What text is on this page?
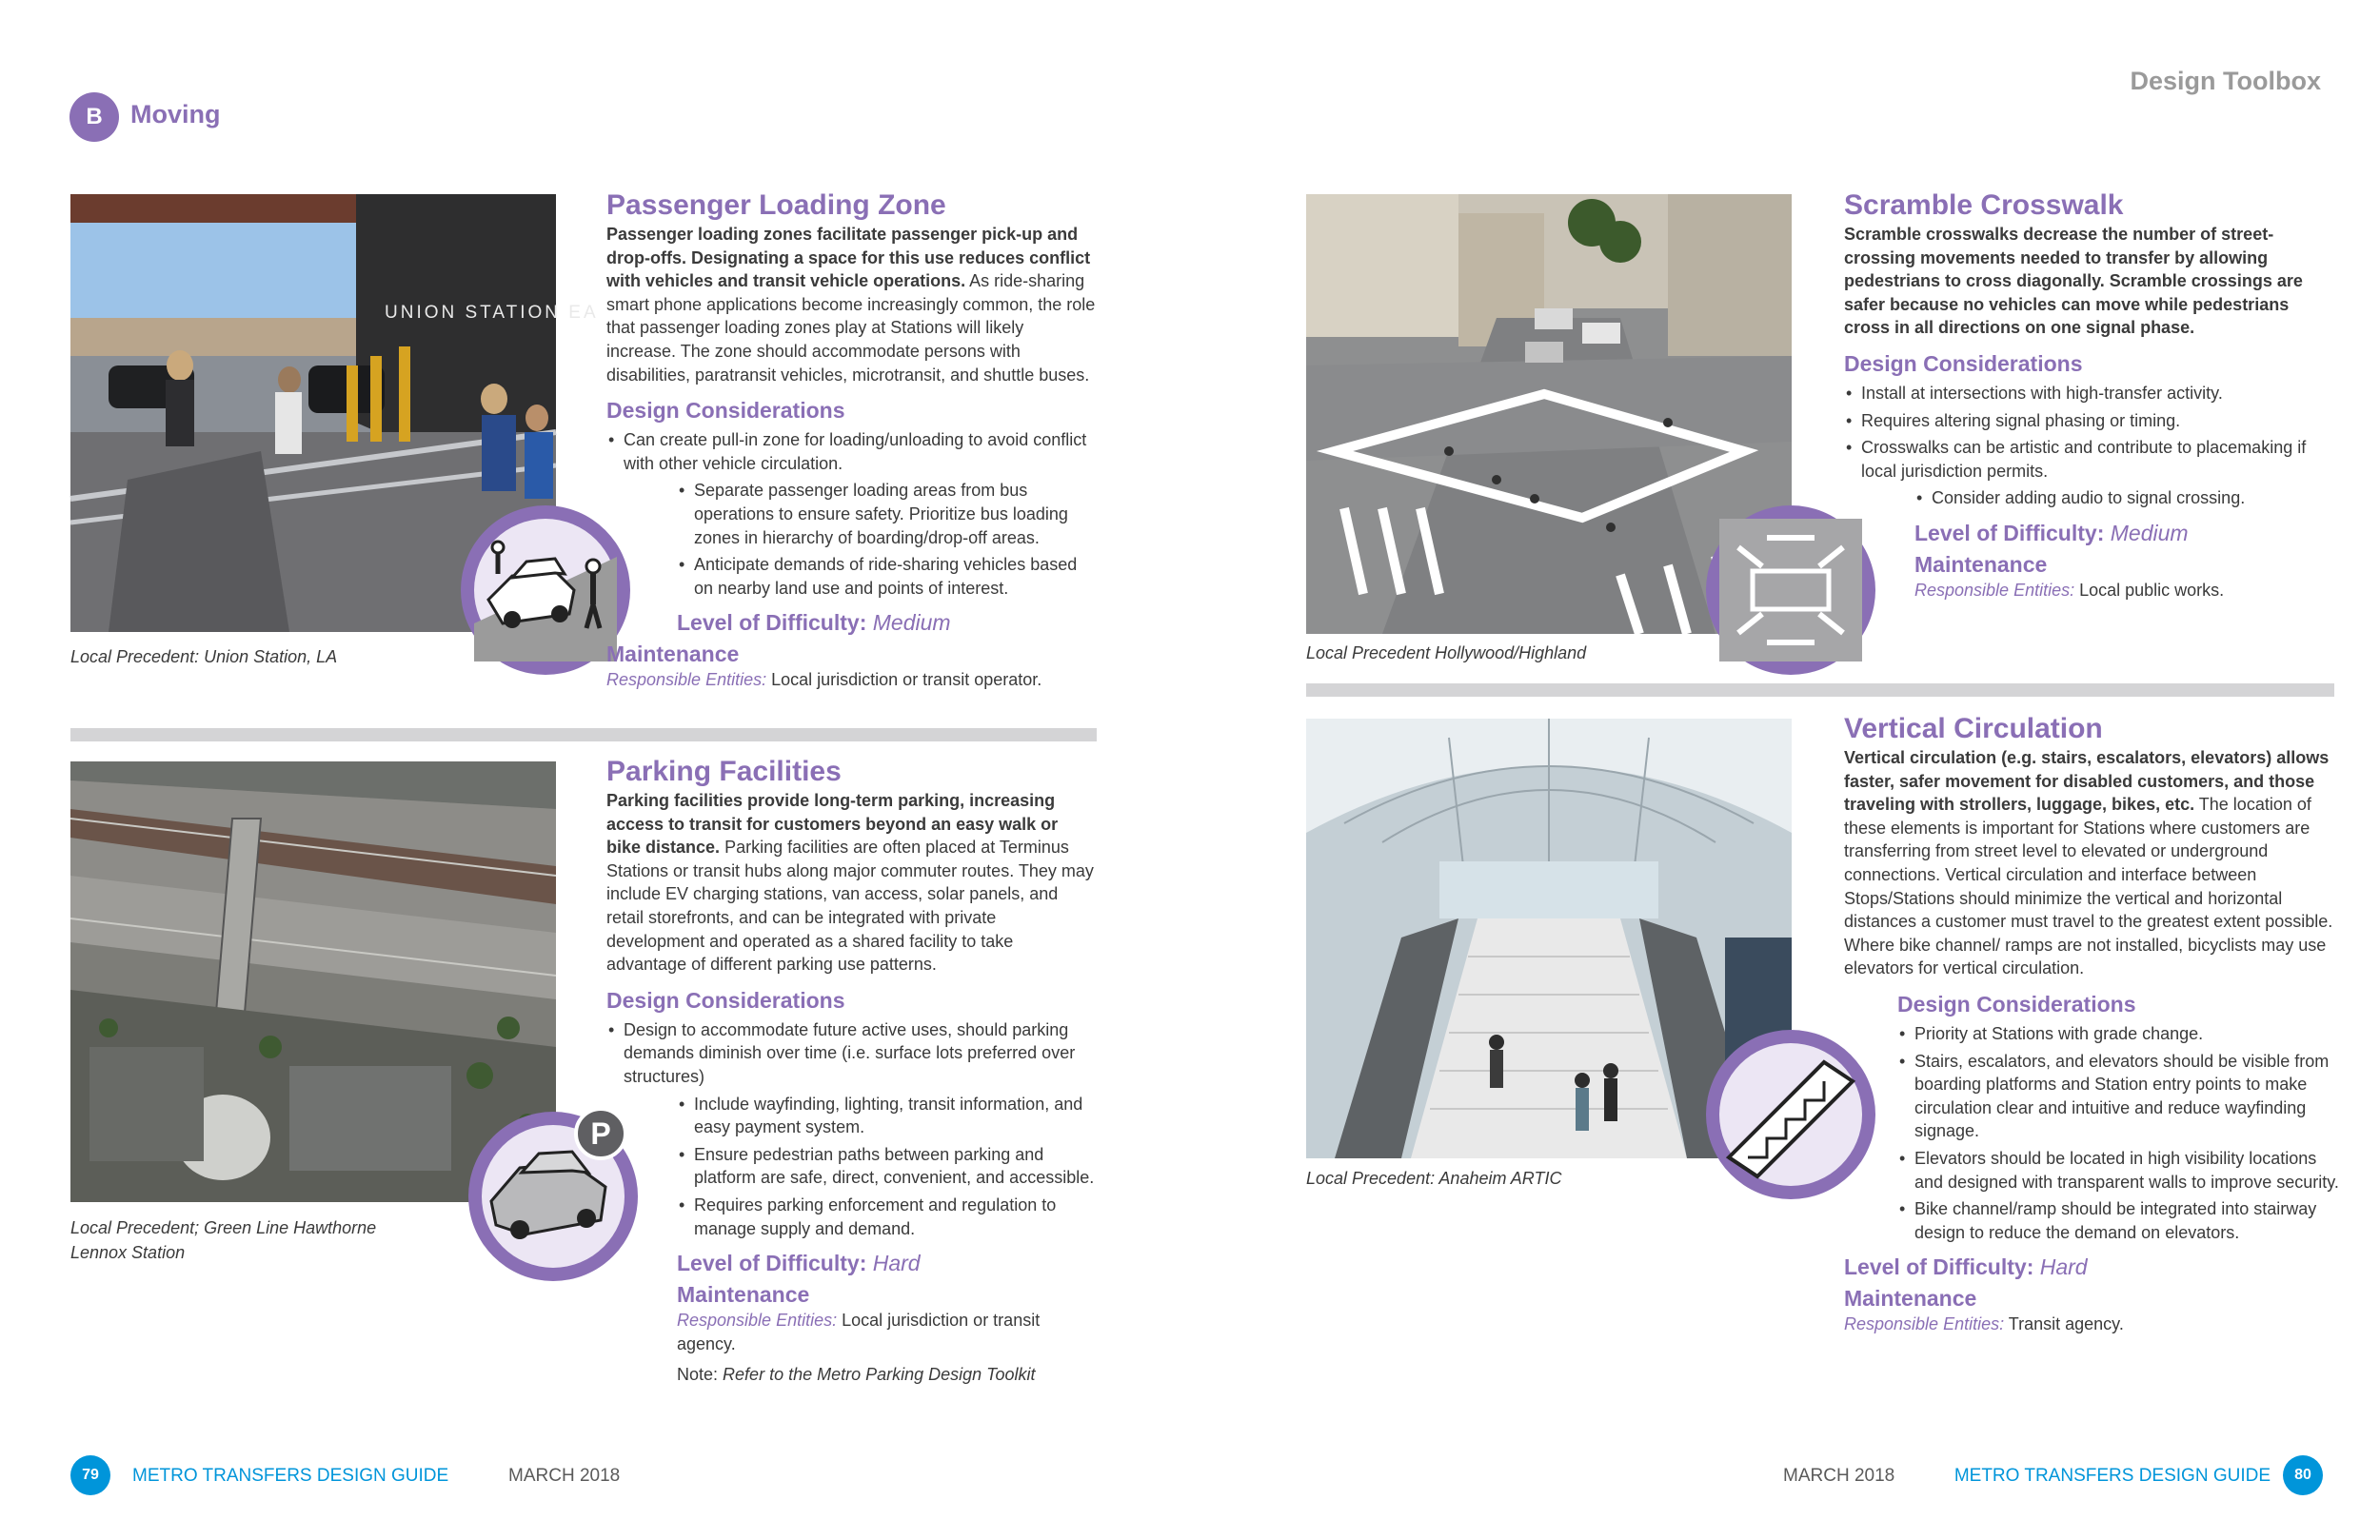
B	Moving
Design Toolbox
UNION STATION EA
Local Precedent: Union Station, LA
Passenger Loading Zone
Passenger loading zones facilitate passenger pick-up and drop-offs. Designating a space for this use reduces conflict with vehicles and transit vehicle operations. As ride-sharing smart phone applications become increasingly common, the role that passenger loading zones play at Stations will likely increase. The zone should accommodate persons with disabilities, paratransit vehicles, microtransit, and shuttle buses.
Design Considerations
• Can create pull-in zone for loading/unloading to avoid conflict with other vehicle circulation.
• Separate passenger loading areas from bus operations to ensure safety. Prioritize bus loading zones in hierarchy of boarding/drop-off areas.
• Anticipate demands of ride-sharing vehicles based on nearby land use and points of interest.
Level of Difficulty: Medium
Maintenance
Responsible Entities: Local jurisdiction or transit operator.
P
Local Precedent; Green Line Hawthorne
Lennox Station
Parking Facilities
Parking facilities provide long-term parking, increasing access to transit for customers beyond an easy walk or bike distance. Parking facilities are often placed at Terminus Stations or transit hubs along major commuter routes. They may include EV charging stations, van access, solar panels, and retail storefronts, and can be integrated with private development and operated as a shared facility to take advantage of different parking use patterns.
Design Considerations
• Design to accommodate future active uses, should parking demands diminish over time (i.e. surface lots preferred over structures)
• Include wayfinding, lighting, transit information, and easy payment system.
• Ensure pedestrian paths between parking and platform are safe, direct, convenient, and accessible.
• Requires parking enforcement and regulation to manage supply and demand.
Level of Difficulty: Hard
Maintenance
Responsible Entities: Local jurisdiction or transit agency.
Note: Refer to the Metro Parking Design Toolkit
Local Precedent Hollywood/Highland
Scramble Crosswalk
Scramble crosswalks decrease the number of street-crossing movements needed to transfer by allowing pedestrians to cross diagonally. Scramble crossings are safer because no vehicles can move while pedestrians cross in all directions on one signal phase.
Design Considerations
• Install at intersections with high-transfer activity.
• Requires altering signal phasing or timing.
• Crosswalks can be artistic and contribute to placemaking if local jurisdiction permits.
• Consider adding audio to signal crossing.
Level of Difficulty: Medium
Maintenance
Responsible Entities: Local public works.
Local Precedent: Anaheim ARTIC
Vertical Circulation
Vertical circulation (e.g. stairs, escalators, elevators) allows faster, safer movement for disabled customers, and those traveling with strollers, luggage, bikes, etc. The location of these elements is important for Stations where customers are transferring from street level to elevated or underground connections. Vertical circulation and interface between Stops/Stations should minimize the vertical and horizontal distances a customer must travel to the greatest extent possible. Where bike channel/ ramps are not installed, bicyclists may use elevators for vertical circulation.
Design Considerations
• Priority at Stations with grade change.
• Stairs, escalators, and elevators should be visible from boarding platforms and Station entry points to make circulation clear and intuitive and reduce wayfinding signage.
• Elevators should be located in high visibility locations and designed with transparent walls to improve security.
• Bike channel/ramp should be integrated into stairway design to reduce the demand on elevators.
Level of Difficulty: Hard
Maintenance
Responsible Entities: Transit agency.
79	METRO TRANSFERS DESIGN GUIDE	MARCH 2018	MARCH 2018	METRO TRANSFERS DESIGN GUIDE	80
